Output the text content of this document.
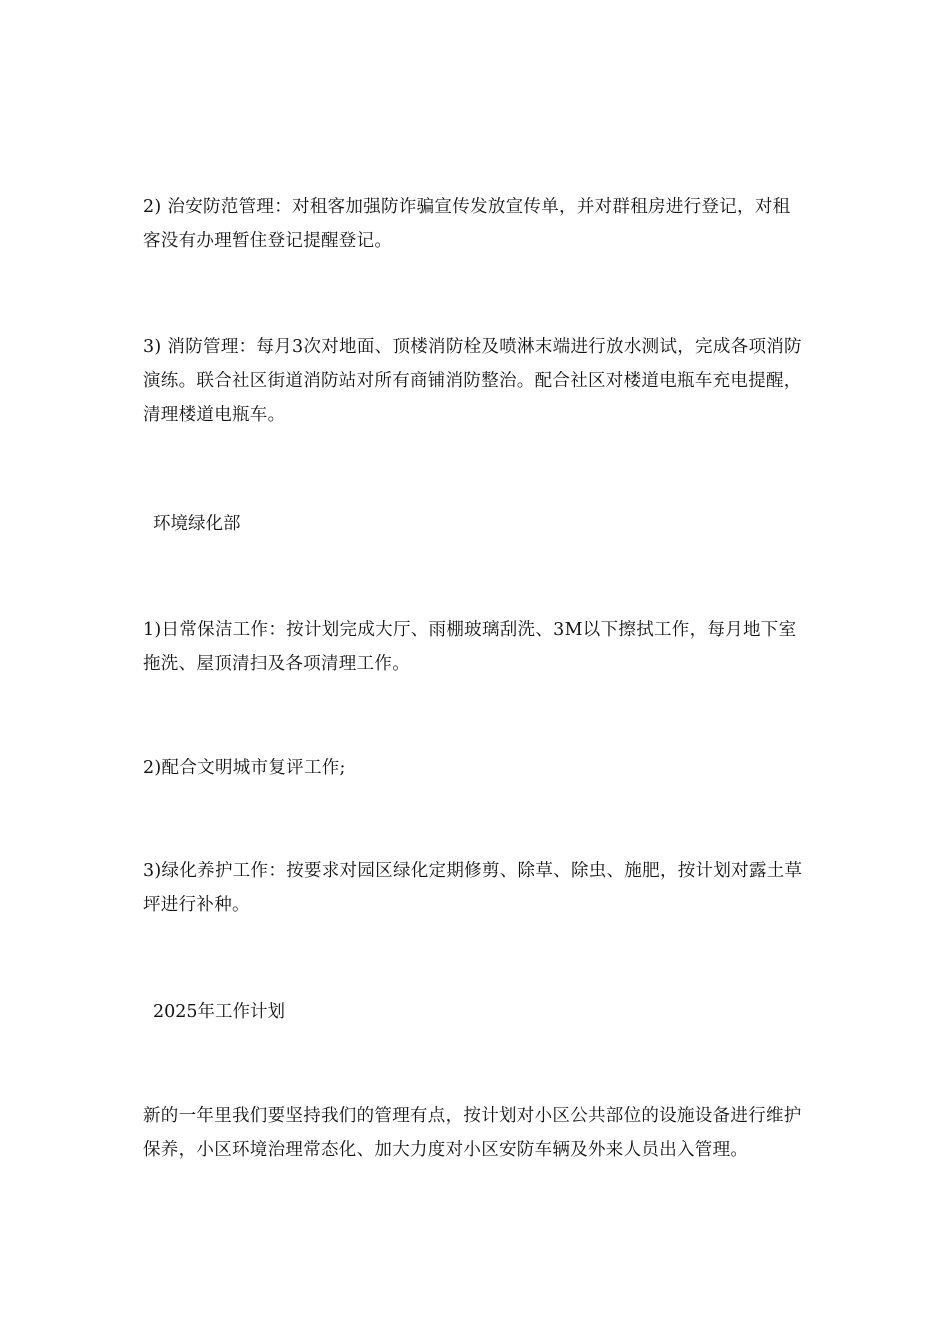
2) 治安防范管理：对租客加强防诈骗宣传发放宣传单，并对群租房进行登记，对租客没有办理暂住登记提醒登记。

3) 消防管理：每月3次对地面、顶楼消防栓及喷淋末端进行放水测试，完成各项消防演练。联合社区街道消防站对所有商铺消防整治。配合社区对楼道电瓶车充电提醒，清理楼道电瓶车。

环境绿化部

1)日常保洁工作：按计划完成大厅、雨棚玻璃刮洗、3M以下擦拭工作，每月地下室拖洗、屋顶清扫及各项清理工作。

2)配合文明城市复评工作;

3)绿化养护工作：按要求对园区绿化定期修剪、除草、除虫、施肥，按计划对露土草坪进行补种。

2025年工作计划

新的一年里我们要坚持我们的管理有点，按计划对小区公共部位的设施设备进行维护保养，小区环境治理常态化、加大力度对小区安防车辆及外来人员出入管理。
